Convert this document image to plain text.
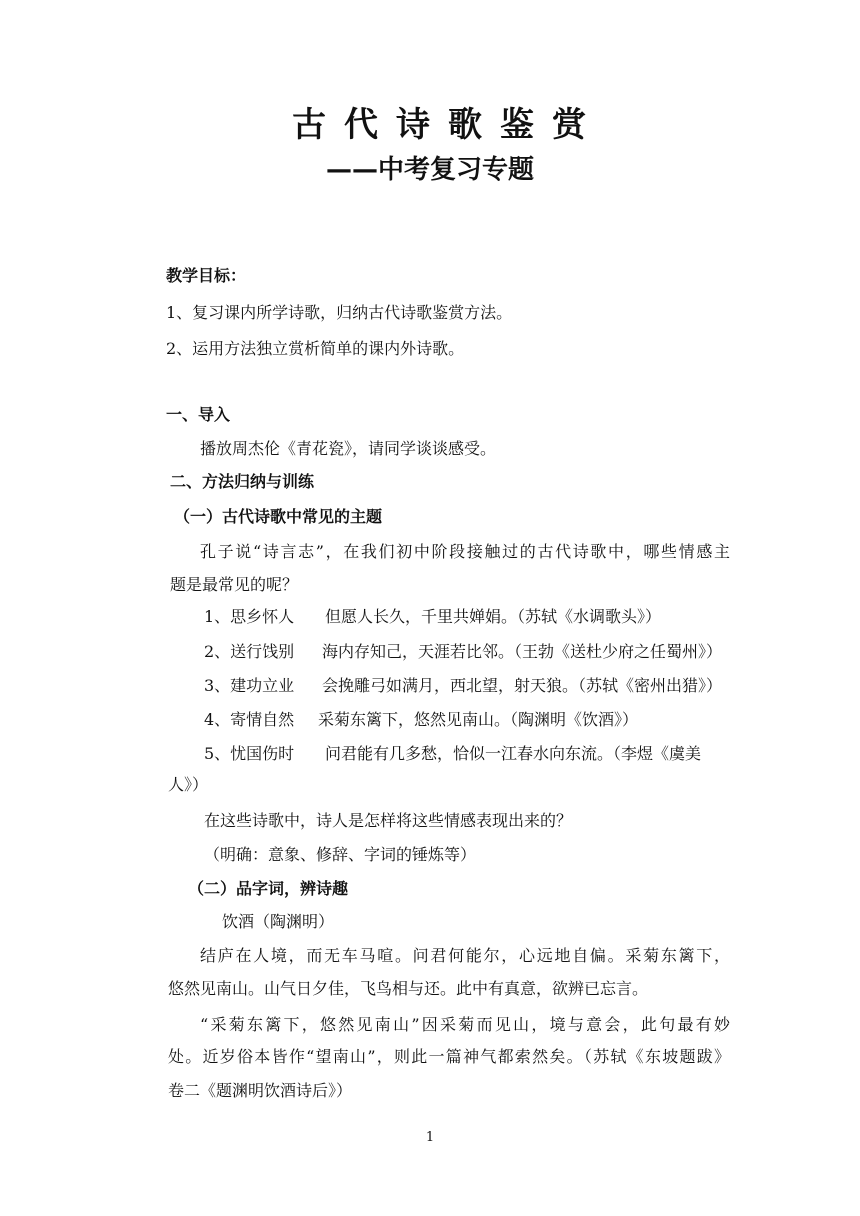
古代诗歌鉴赏
——中考复习专题
教学目标：
1、复习课内所学诗歌，归纳古代诗歌鉴赏方法。
2、运用方法独立赏析简单的课内外诗歌。
一、导入
播放周杰伦《青花瓷》，请同学谈谈感受。
二、方法归纳与训练
（一）古代诗歌中常见的主题
孔子说“诗言志”，在我们初中阶段接触过的古代诗歌中，哪些情感主
题是最常见的呢？
1、思乡怀人 但愿人长久，千里共婵娟。（苏轼《水调歌头》）
2、送行饯别 海内存知己，天涯若比邻。（王勃《送杜少府之任蜀州》）
3、建功立业 会挽雕弓如满月，西北望，射天狼。（苏轼《密州出猎》）
4、寄情自然 采菊东篱下，悠然见南山。（陶渊明《饮酒》）
5、忧国伤时 问君能有几多愁，恰似一江春水向东流。（李煜《虞美
人》）
在这些诗歌中，诗人是怎样将这些情感表现出来的？
（明确：意象、修辞、字词的锤炼等）
（二）品字词，辨诗趣
饮酒（陶渊明）
结庐在人境，而无车马喧。问君何能尔，心远地自偏。采菊东篱下，
悠然见南山。山气日夕佳，飞鸟相与还。此中有真意，欲辨已忘言。
“采菊东篱下，悠然见南山”因采菊而见山，境与意会，此句最有妙
处。近岁俗本皆作“望南山”，则此一篇神气都索然矣。（苏轼《东坡题跋》
卷二《题渊明饮酒诗后》）
1
